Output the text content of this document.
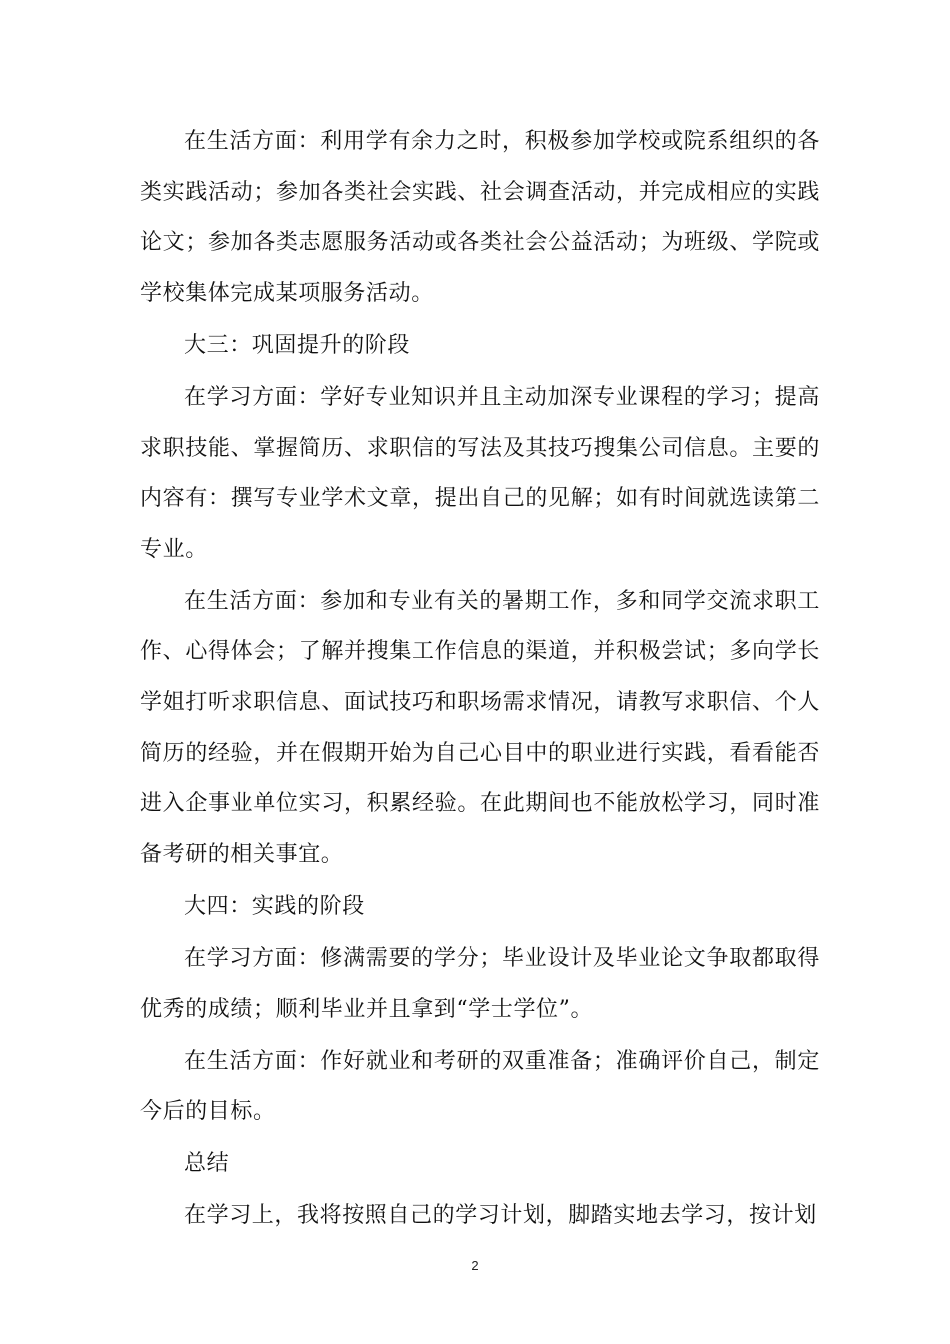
在生活方面：利用学有余力之时，积极参加学校或院系组织的各类实践活动；参加各类社会实践、社会调查活动，并完成相应的实践论文；参加各类志愿服务活动或各类社会公益活动；为班级、学院或学校集体完成某项服务活动。

大三：巩固提升的阶段

在学习方面：学好专业知识并且主动加深专业课程的学习；提高求职技能、掌握简历、求职信的写法及其技巧搜集公司信息。主要的内容有：撰写专业学术文章，提出自己的见解；如有时间就选读第二专业。

在生活方面：参加和专业有关的暑期工作，多和同学交流求职工作、心得体会；了解并搜集工作信息的渠道，并积极尝试；多向学长学姐打听求职信息、面试技巧和职场需求情况，请教写求职信、个人简历的经验，并在假期开始为自己心目中的职业进行实践，看看能否进入企事业单位实习，积累经验。在此期间也不能放松学习，同时准备考研的相关事宜。

大四：实践的阶段

在学习方面：修满需要的学分；毕业设计及毕业论文争取都取得优秀的成绩；顺利毕业并且拿到“学士学位”。

在生活方面：作好就业和考研的双重准备；准确评价自己，制定今后的目标。

总结

在学习上，我将按照自己的学习计划，脚踏实地去学习，按计划

2
